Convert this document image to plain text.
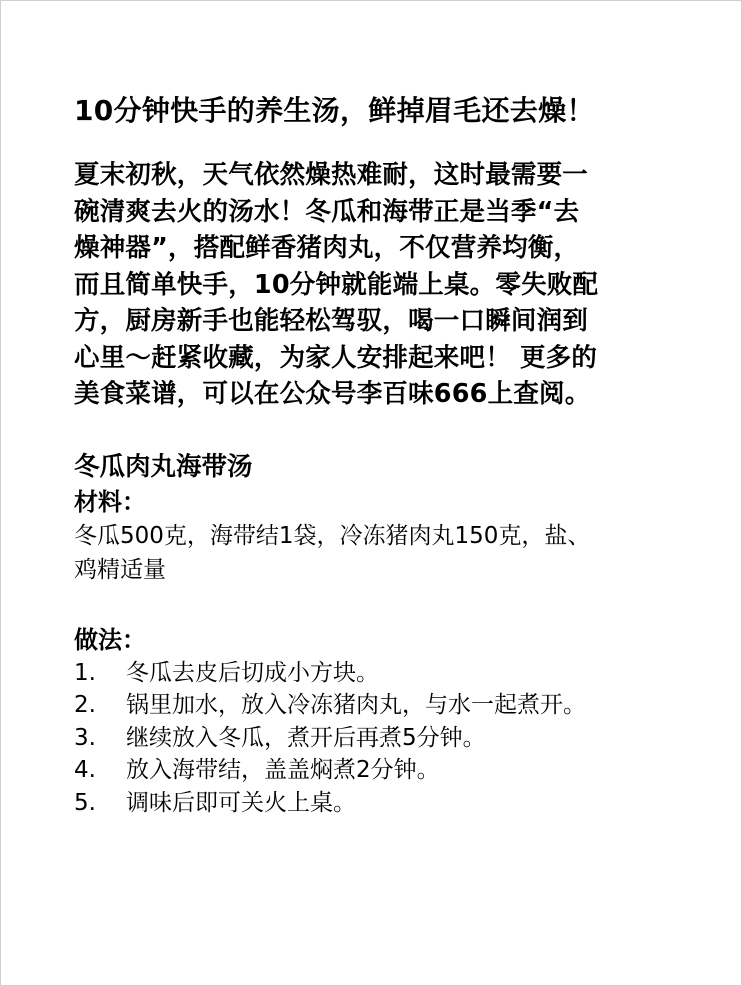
10分钟快手的养生汤，鲜掉眉毛还去燥！
夏末初秋，天气依然燥热难耐，这时最需要一
碗清爽去火的汤水！冬瓜和海带正是当季“去
燥神器”，搭配鲜香猪肉丸，不仅营养均衡，
而且简单快手，10分钟就能端上桌。零失败配
方，厨房新手也能轻松驾驭，喝一口瞬间润到
心里～赶紧收藏，为家人安排起来吧！ 更多的
美食菜谱，可以在公众号李百味666上查阅。
冬瓜肉丸海带汤
材料：
冬瓜500克，海带结1袋，冷冻猪肉丸150克，盐、
鸡精适量
做法：
1.	冬瓜去皮后切成小方块。
2.	锅里加水，放入冷冻猪肉丸，与水一起煮开。
3.	继续放入冬瓜，煮开后再煮5分钟。
4.	放入海带结，盖盖焖煮2分钟。
5.	调味后即可关火上桌。
